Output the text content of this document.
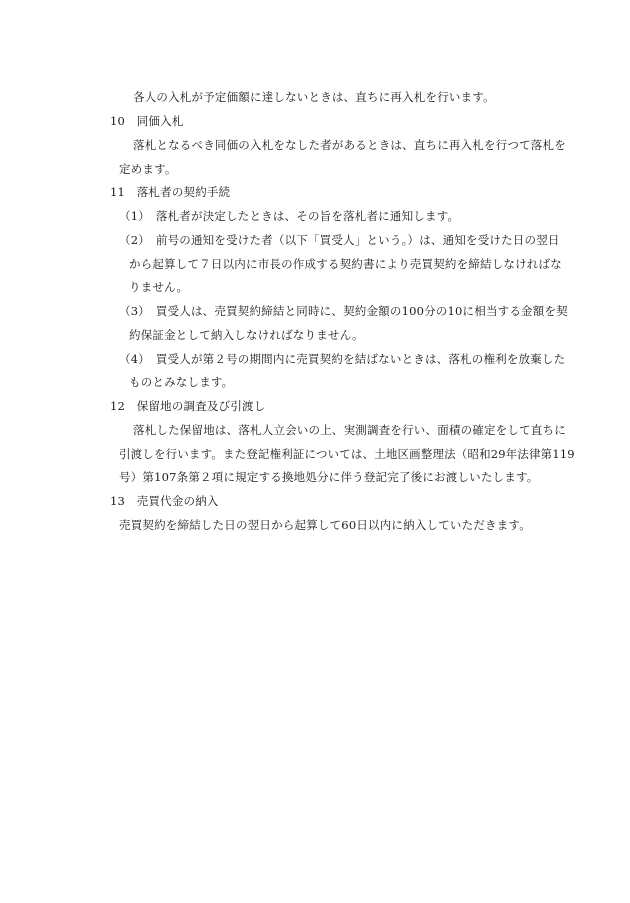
各人の入札が予定価額に達しないときは、直ちに再入札を行います。
10　同価入札
落札となるべき同価の入札をなした者があるときは、直ちに再入札を行つて落札を
定めます。
11　落札者の契約手続
（1）　落札者が決定したときは、その旨を落札者に通知します。
（2）　前号の通知を受けた者（以下「買受人」という。）は、通知を受けた日の翌日
から起算して７日以内に市長の作成する契約書により売買契約を締結しなければな
りません。
（3）　買受人は、売買契約締結と同時に、契約金額の100分の10に相当する金額を契
約保証金として納入しなければなりません。
（4）　買受人が第２号の期間内に売買契約を結ばないときは、落札の権利を放棄した
ものとみなします。
12　保留地の調査及び引渡し
落札した保留地は、落札人立会いの上、実測調査を行い、面積の確定をして直ちに
引渡しを行います。また登記権利証については、土地区画整理法（昭和29年法律第119
号）第107条第２項に規定する換地処分に伴う登記完了後にお渡しいたします。
13　売買代金の納入
売買契約を締結した日の翌日から起算して60日以内に納入していただきます。
